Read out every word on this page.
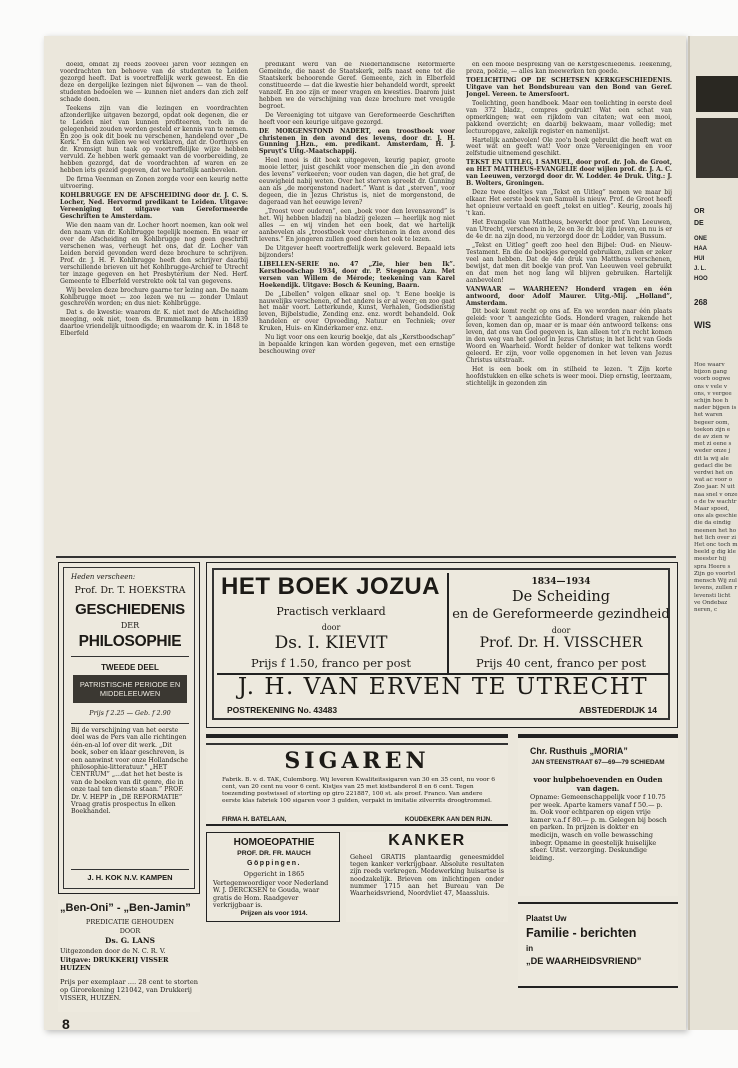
OR
DE
ONE
HAA
HUI
J. L.
HOO
268
WIS
Hoe waarv bijzon gang voorb oogwe ons v vele v ons, v vergee schijn hoe h nader bijgen is het waren begeer oom, toekon zijn e de av zien w met zi eene s weder onze j dit la wij ale gedacl die be verdwi het on wat ac voor o Zoo jaar. N uit naa snel v onze o de tw wachtr Maar spoed, ons als geschie die da eindig meenen het ho het lich over zi Het onc toch m beeld g dig kle meester hij spra Heere s Zijn go voortvl mensch Wij zul levens, zullen r levensti licht ve Ondebaz neren, c

doeld, omdat zij reeds zooveel jaren voor lezingen en voordrachten ten behoeve van de studenten te Leiden gezorgd heeft. Dat is voortreffelijk werk geweest. En die deze en dergelijke lezingen niet bijwonen — van de theol. studenten bedoelen we — kunnen niet anders dan zich zelf schade doen.

Teekens zijn van die lezingen en voordrachten afzonderlijke uitgaven bezorgd, opdat ook degenen, die er te Leiden niet van kunnen profiteeren, toch in de gelegenheid zouden worden gesteld er kennis van te nemen. En zoo is ook dit boek nu verschenen, handelend over „De Kerk.” En dan willen we wel verklaren, dat dr. Oorthuys en dr. Kromsigt hun taak op voortreffelijke wijze hebben vervuld. Ze hebben werk gemaakt van de voorbereiding, ze hebben gezorgd, dat de voordrachten af waren en ze hebben iets gezeid gegeven, dat we hartelijk aanbevelen.

De firma Veenman en Zonen zorgde voor een keurig nette uitvoering.

KOHLBRUGGE EN DE AFSCHEIDING door dr. J. C. S. Locher, Ned. Hervormd predikant te Leiden. Uitgave: Vereeniging tot uitgave van Gereformeerde Geschriften te Amsterdam.

Wie den naam van dr. Locher hoort noemen, kan ook wel den naam van dr. Kohlbrugge tegelijk noemen. En waar er over de Afscheiding en Kohlbrugge nog geen geschrift verschenen was, verheugt het ons, dat dr. Locher van Leiden bereid gevonden werd deze brochure te schrijven. Prof. dr. J. H. F. Kohlbrugge heeft den schrijver daarbij verschillende brieven uit het Kohlbrugge-Archief te Utrecht ter inzage gegeven en het Presbyterium der Ned. Herf. Gemeente te Elberfeld verstrekte ook tal van gegevens.

Wij bevelen deze brochure gaarne ter lezing aan. De naam Kohlbrugge moet — zoo lezen we nu — zonder Umlaut geschreven worden; en dus niet: Kohlbrügge.

Dat s. de kwestie: waarom dr. K. niet met de Afscheiding meeging, ook niet, toen ds. Brummelkamp hem in 1839 daartoe vriendelijk uitnoodigde; en waarom dr. K. in 1848 te Elberfeld

predikant werd van de Niederländische Reformierte Gemeinde, die naast de Staatskerk, zelfs naast eene tot die Staatskerk behoorende Geref. Gemeente, zich in Elberfeld constitueerde — dat die kwestie hier behandeld wordt, spreekt vanzelf. En zoo zijn er meer vragen en kwesties. Daarom juist hebben we de verschijning van deze brochure met vreugde begroet.

De Vereeniging tot uitgave van Gereformeerde Geschriften heeft voor een keurige uitgave gezorgd.

DE MORGENSTOND NADERT, een troostboek voor christenen in den avond des levens, door dr. J. H. Gunning J.Hzn., em. predikant. Amsterdam, H. J. Spruyt's Uitg.-Maatschappij.

Heel mooi is dit boek uitgegeven, keurig papier, groote mooie letter, juist geschikt voor menschen die „in den avond des levens” verkeeren; voor ouden van dagen, die het graf, de eeuwigheid nabij weten. Over het sterven spreekt dr. Gunning aan als „de morgenstond nadert.” Want is dat „sterven”, voor degeen, die in Jezus Christus is, niet de morgenstond, de dageraad van het eeuwige leven?

„Troost voor ouderen”, een „boek voor den levensavond” is het. Wij hebben bladzij na bladzij gelezen — heerlijk nog niet alles — en wij vinden het een boek, dat we hartelijk aanbevelen als „troostboek voor christenen in den avond des levens.” En jongeren zullen goed doen het ook te lezen.

De Uitgever heeft voortreffelijk werk geleverd. Bepaald iets bijzonders!

LIBELLEN-SERIE no. 47 „Zie, hier ben Ik”. Kerstboodschap 1934, door dr. P. Stegenga Azn. Met versen van Willem de Mérode; teekening van Karel Hoekendijk. Uitgave: Bosch & Keuning, Baarn.

De „Libellen” volgen elkaar snel op. 't Eene boekje is nauwelijks verschenen, of het andere is er al weer; en zoo gaat het maar voort. Letterkunde, Kunst, Verhalen, Godsdienstig leven, Bijbelstudie, Zending enz. enz. wordt behandeld. Ook handelen er over Opvoeding, Natuur en Techniek; over Kruken, Huis- en Kinderkamer enz. enz.

Nu ligt voor ons een keurig boekje, dat als „Kerstboodschap” in bepaalde kringen kan worden gegeven, met een ernstige beschouwing over

en een mooie bespreking van de Kerstgeschiedenis. Teekening, proza, poëzie, — alles kan meewerken ten goede.

TOELICHTING OP DE SCHETSEN KERKGESCHIEDENIS. Uitgave van het Bondsbureau van den Bond van Geref. Jongel. Vereen. te Amersfoort.

Toelichting, geen handboek. Maar een toelichting in eerste deel van 372 bladz., compres gedrukt! Wat een schat van opmerkingen; wat een rijkdom van citaten; wat een mooi, pakkend overzicht; en daarbij bekwaam, maar volledig; met lectuuropgave, zakelijk register en namenlijst.

Hartelijk aanbevolen! Ole zoo'n boek gebruikt die heeft wat en weet wat en geeft wat! Voor onze Vereenigingen en voor zelfstudie uitnemend geschikt.

TEKST EN UITLEG, I SAMUEL, door prof. dr. Joh. de Groot, en HET MATTHEUS-EVANGELIE door wijlen prof. dr. J. A. C. van Leeuwen, verzorgd door dr. W. Lodder. 4e Druk. Uitg.: J. B. Wolters, Groningen.

Deze twee deeltjes van „Tekst en Uitleg” nemen we maar bij elkaar. Het eerste boek van Samuël is nieuw. Prof. de Groot heeft het opnieuw vertaald en geeft „tekst en uitleg”. Keurig, zooals hij 't kan.

Het Evangelie van Mattheus, bewerkt door prof. Van Leeuwen, van Utrecht, verscheen in le, 2e en 3e dr. bij zijn leven, en nu is er de 4e dr. na zijn dood, nu verzorgd door dr. Lodder, van Bussum.

„Tekst en Uitleg” geeft zoo heel den Bijbel: Oud- en Nieuw-Testament. En die de boekjes geregeld gebruiken, zullen er zeker veel aan hebben. Dat de 4de druk van Mattheus verschenen, bewijst, dat men dit boekje van prof. Van Leeuwen veel gebruikt en dat men het nog lang wil blijven gebruiken. Hartelijk aanbevolen!

VANWAAR — WAARHEEN? Honderd vragen en één antwoord, door Adolf Maurer. Uitg.-Mij. „Holland”, Amsterdam.

Dit boek komt recht op ons af. En we worden naar één plaats geleid: voor 't aangezichte Gods. Honderd vragen, rakende het leven, komen dan op, maar er is maar één antwoord telkens: ons leven, dat ons van God gegeven is, kan alleen tot z'n recht komen in den weg van het geloof in Jezus Christus; in het licht van Gods Woord en Waarheid. Wordt helder of donker wat telkens wordt geleerd. Er zijn, voor volle opgenomen in het leven van Jezus Christus uitstraalt.

Het is een boek om in stilheid te lezen. 't Zijn korte hoofdstukken en elke schets is weer mooi. Diep ernstig, leerzaam, stichtelijk in gezonden zin

Heden verscheen:
Prof. Dr. T. HOEKSTRA
GESCHIEDENIS
DER
PHILOSOPHIE
TWEEDE DEEL
PATRISTISCHE PERIODE EN MIDDELEEUWEN
Prijs f 2.25 — Geb. f 2.90
Bij de verschijning van het eerste deel was de Pers van alle richtingen één-en-al lof over dit werk. „Dit boek, sober en klaar geschreven, is een aanwinst voor onze Hollandsche philosophie-litteratuur.” „HET CENTRUM” „...dat het het beste is van de boeken van dit genre, die in onze taal ten dienste staan.” PROF. Dr. V. HEPP in „DE REFORMATIE” Vraag gratis prospectus In elken Boekhandel.
J. H. KOK N.V. KAMPEN
HET BOEK JOZUA
Practisch verklaard
door
Ds. I. KIEVIT
Prijs f 1.50, franco per post
1834—1934
De Scheiding
en de Gereformeerde gezindheid
door
Prof. Dr. H. VISSCHER
Prijs 40 cent, franco per post
J. H. VAN ERVEN TE UTRECHT
POSTREKENING No. 43483	ABSTEDERDIJK 14
SIGAREN
Fabrik. B. v. d. TAK, Culemborg. Wij leveren Kwaliteitssigaren van 30 en 35 cent, nu voor 6 cent, van 20 cent nu voor 6 cent. Kistjes van 25 met kistbanderol 8 en 6 cent. Tegen toezending postwissel of storting op giro 221887, 100 st. als proef. Franco. Van andere eerste klas fabriek 100 sigaren voor 3 gulden, verpakt in imitatie zilverrits droogtrommel.
FIRMA H. BATELAAN,	KOUDEKERK AAN DEN RIJN.
Chr. Rusthuis „MORIA”
JAN STEENSTRAAT 67—69—79 SCHIEDAM
voor hulpbehoevenden en Ouden van dagen.
Opname: Gemeenschappelijk voor f 10.75 per week. Aparte kamers vanaf f 50.— p. m. Ook voor echtparen op eigen vrije kamer v.a.f f 80.— p. m. Gelegen bij bosch en parken. In prijzen is dokter en medicijn, wasch en volle bewassching inbegr. Opname in geestelijk huiselijke sfeer. Uitst. verzorging. Deskundige leiding.
„Ben-Oni” - „Ben-Jamin”
PREDICATIE GEHOUDEN
DOOR
Ds. G. LANS
Uitgezonden door de N. C. R. V.
Uitgave: DRUKKERIJ VISSER HUIZEN
Prijs per exemplaar .... 28 cent te storten op Girorekening 121042, van Drukkerij VISSER, HUIZEN.
HOMOEOPATHIE
PROF. DR. FR. MAUCH
Göppingen.
Opgericht in 1865
Vertegenwoordiger voor Nederland W. J. DERCKSEN te Gouda, waar gratis de Hom. Raadgever verkrijgbaar is.
Prijzen als voor 1914.
KANKER
Geheel GRATIS plantaardig geneesmiddel tegen kanker verkrijgbaar. Absolute resultaten zijn reeds verkregen. Medewerking huisartse is noodzakelijk. Brieven om inlichtingen onder nummer 1715 aan het Bureau van De Waarheidsvriend, Noordvliet 47, Maassluis.
Plaatst Uw
Familie - berichten
in
„DE WAARHEIDSVRIEND”
8
